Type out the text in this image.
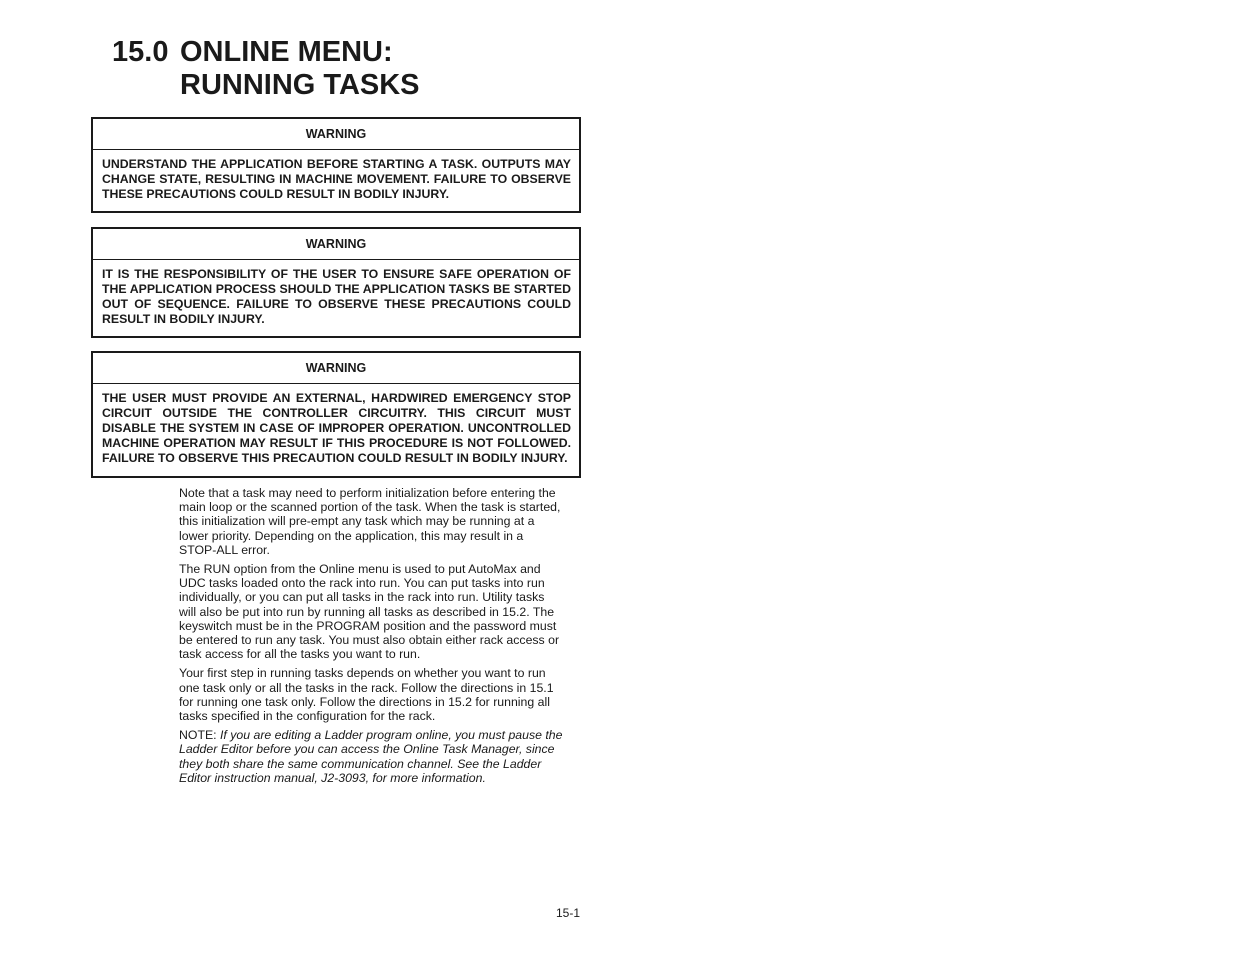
15.0 ONLINE MENU:
RUNNING TASKS
WARNING
UNDERSTAND THE APPLICATION BEFORE STARTING A TASK. OUTPUTS MAY CHANGE STATE, RESULTING IN MACHINE MOVEMENT. FAILURE TO OBSERVE THESE PRECAUTIONS COULD RESULT IN BODILY INJURY.
WARNING
IT IS THE RESPONSIBILITY OF THE USER TO ENSURE SAFE OPERATION OF THE APPLICATION PROCESS SHOULD THE APPLICATION TASKS BE STARTED OUT OF SEQUENCE. FAILURE TO OBSERVE THESE PRECAUTIONS COULD RESULT IN BODILY INJURY.
WARNING
THE USER MUST PROVIDE AN EXTERNAL, HARDWIRED EMERGENCY STOP CIRCUIT OUTSIDE THE CONTROLLER CIRCUITRY. THIS CIRCUIT MUST DISABLE THE SYSTEM IN CASE OF IMPROPER OPERATION. UNCONTROLLED MACHINE OPERATION MAY RESULT IF THIS PROCEDURE IS NOT FOLLOWED. FAILURE TO OBSERVE THIS PRECAUTION COULD RESULT IN BODILY INJURY.

Note that a task may need to perform initialization before entering the main loop or the scanned portion of the task. When the task is started, this initialization will pre-empt any task which may be running at a lower priority. Depending on the application, this may result in a STOP-ALL error.

The RUN option from the Online menu is used to put AutoMax and UDC tasks loaded onto the rack into run. You can put tasks into run individually, or you can put all tasks in the rack into run. Utility tasks will also be put into run by running all tasks as described in 15.2. The keyswitch must be in the PROGRAM position and the password must be entered to run any task. You must also obtain either rack access or task access for all the tasks you want to run.

Your first step in running tasks depends on whether you want to run one task only or all the tasks in the rack. Follow the directions in 15.1 for running one task only. Follow the directions in 15.2 for running all tasks specified in the configuration for the rack.

NOTE: If you are editing a Ladder program online, you must pause the Ladder Editor before you can access the Online Task Manager, since they both share the same communication channel. See the Ladder Editor instruction manual, J2-3093, for more information.

15-1
